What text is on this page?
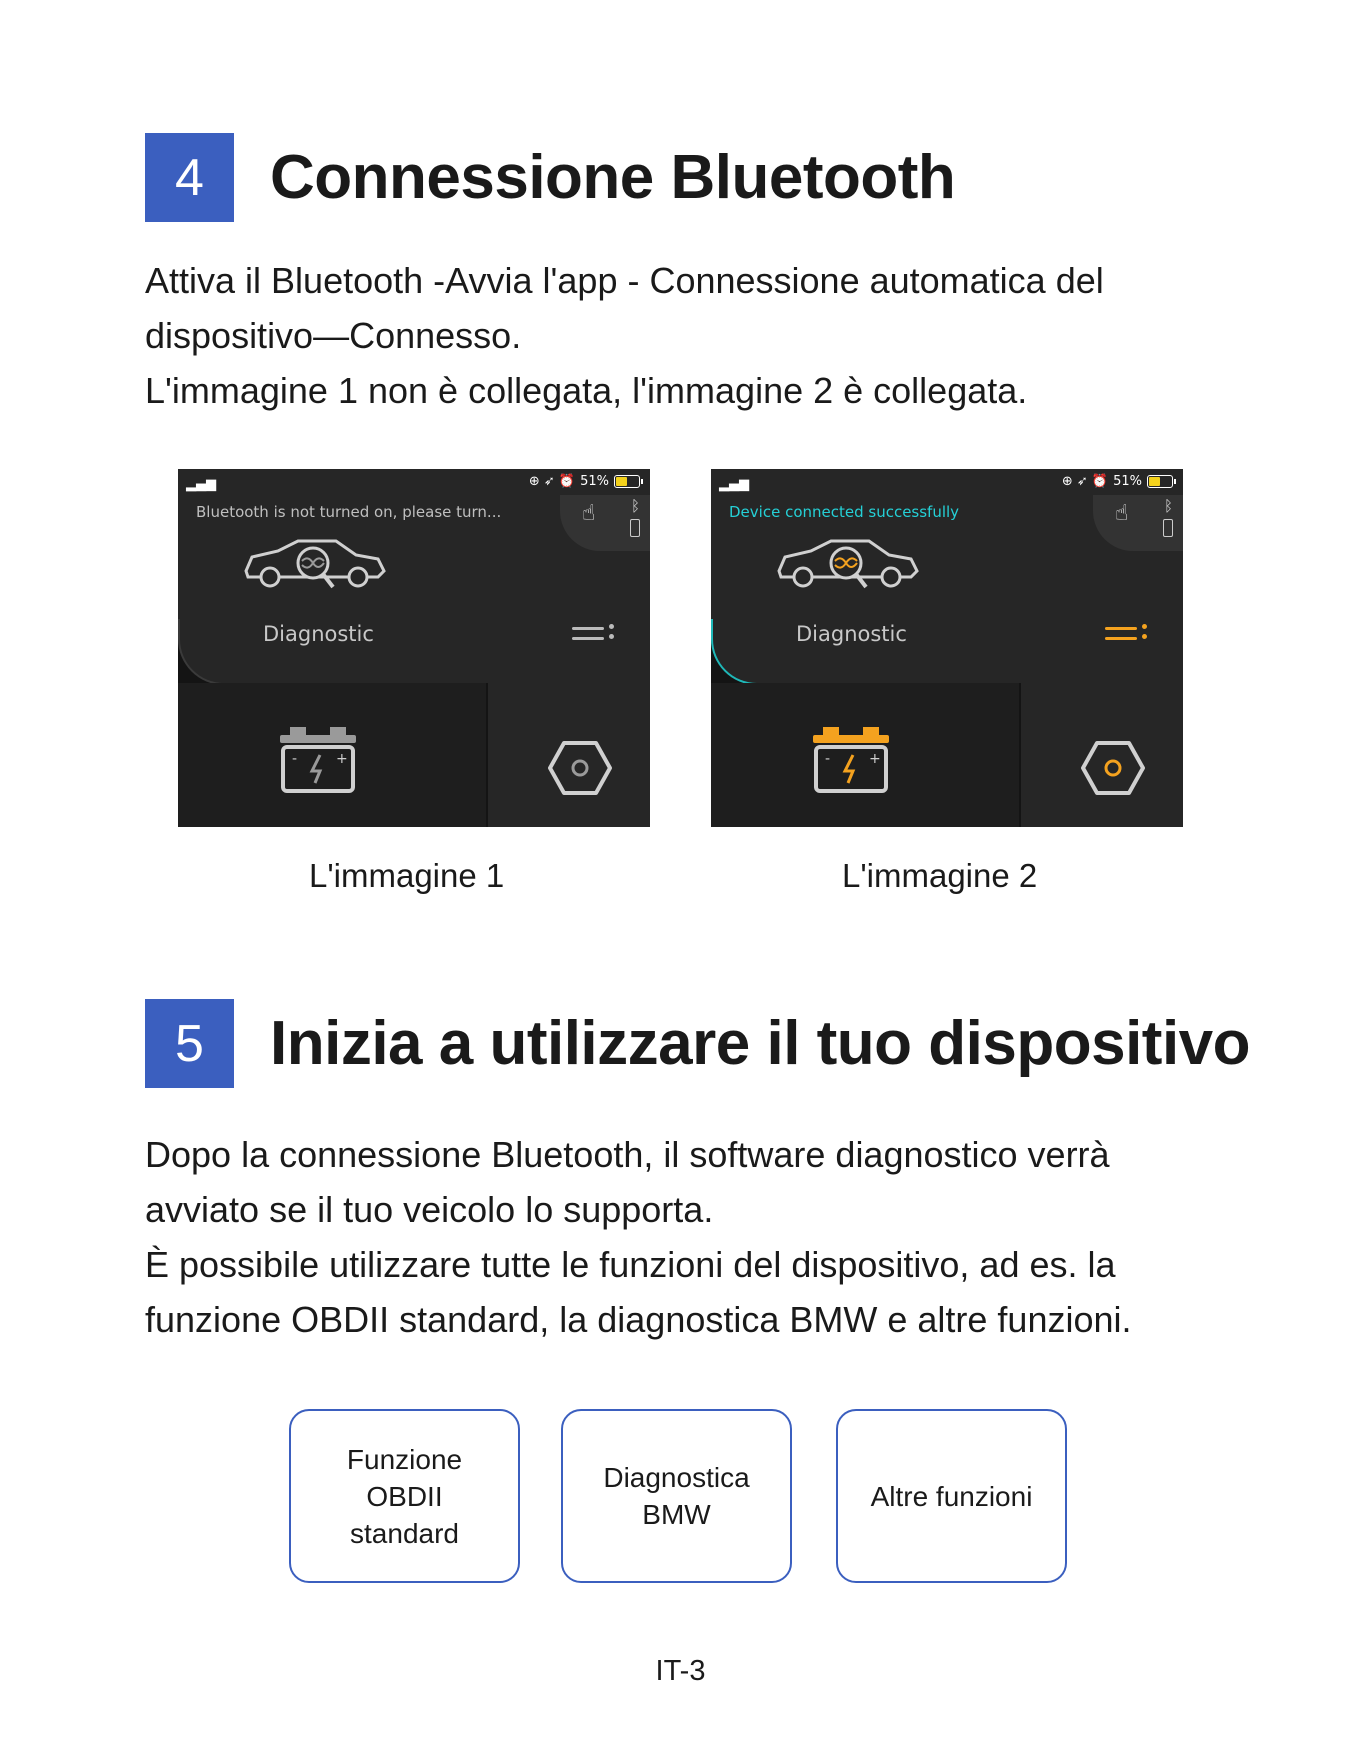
4	Connessione Bluetooth

Attiva il Bluetooth -Avvia l'app - Connessione automatica del dispositivo—Connesso.

L'immagine 1 non è collegata, l'immagine 2 è collegata.

▂▄▆	⊕ ➶ ⏰ 51%
Bluetooth is not turned on, please turn...	☝ ᛒ
Diagnostic
-	+
▂▄▆	⊕ ➶ ⏰ 51%
Device connected successfully	☝ ᛒ
Diagnostic
-	+
L'immagine 1	L'immagine 2
5	Inizia a utilizzare il tuo dispositivo

Dopo la connessione Bluetooth, il software diagnostico verrà avviato se il tuo veicolo lo supporta.

È possibile utilizzare tutte le funzioni del dispositivo, ad es. la funzione OBDII standard, la diagnostica BMW e altre funzioni.

Funzione OBDII standard
Diagnostica BMW
Altre funzioni
IT-3
